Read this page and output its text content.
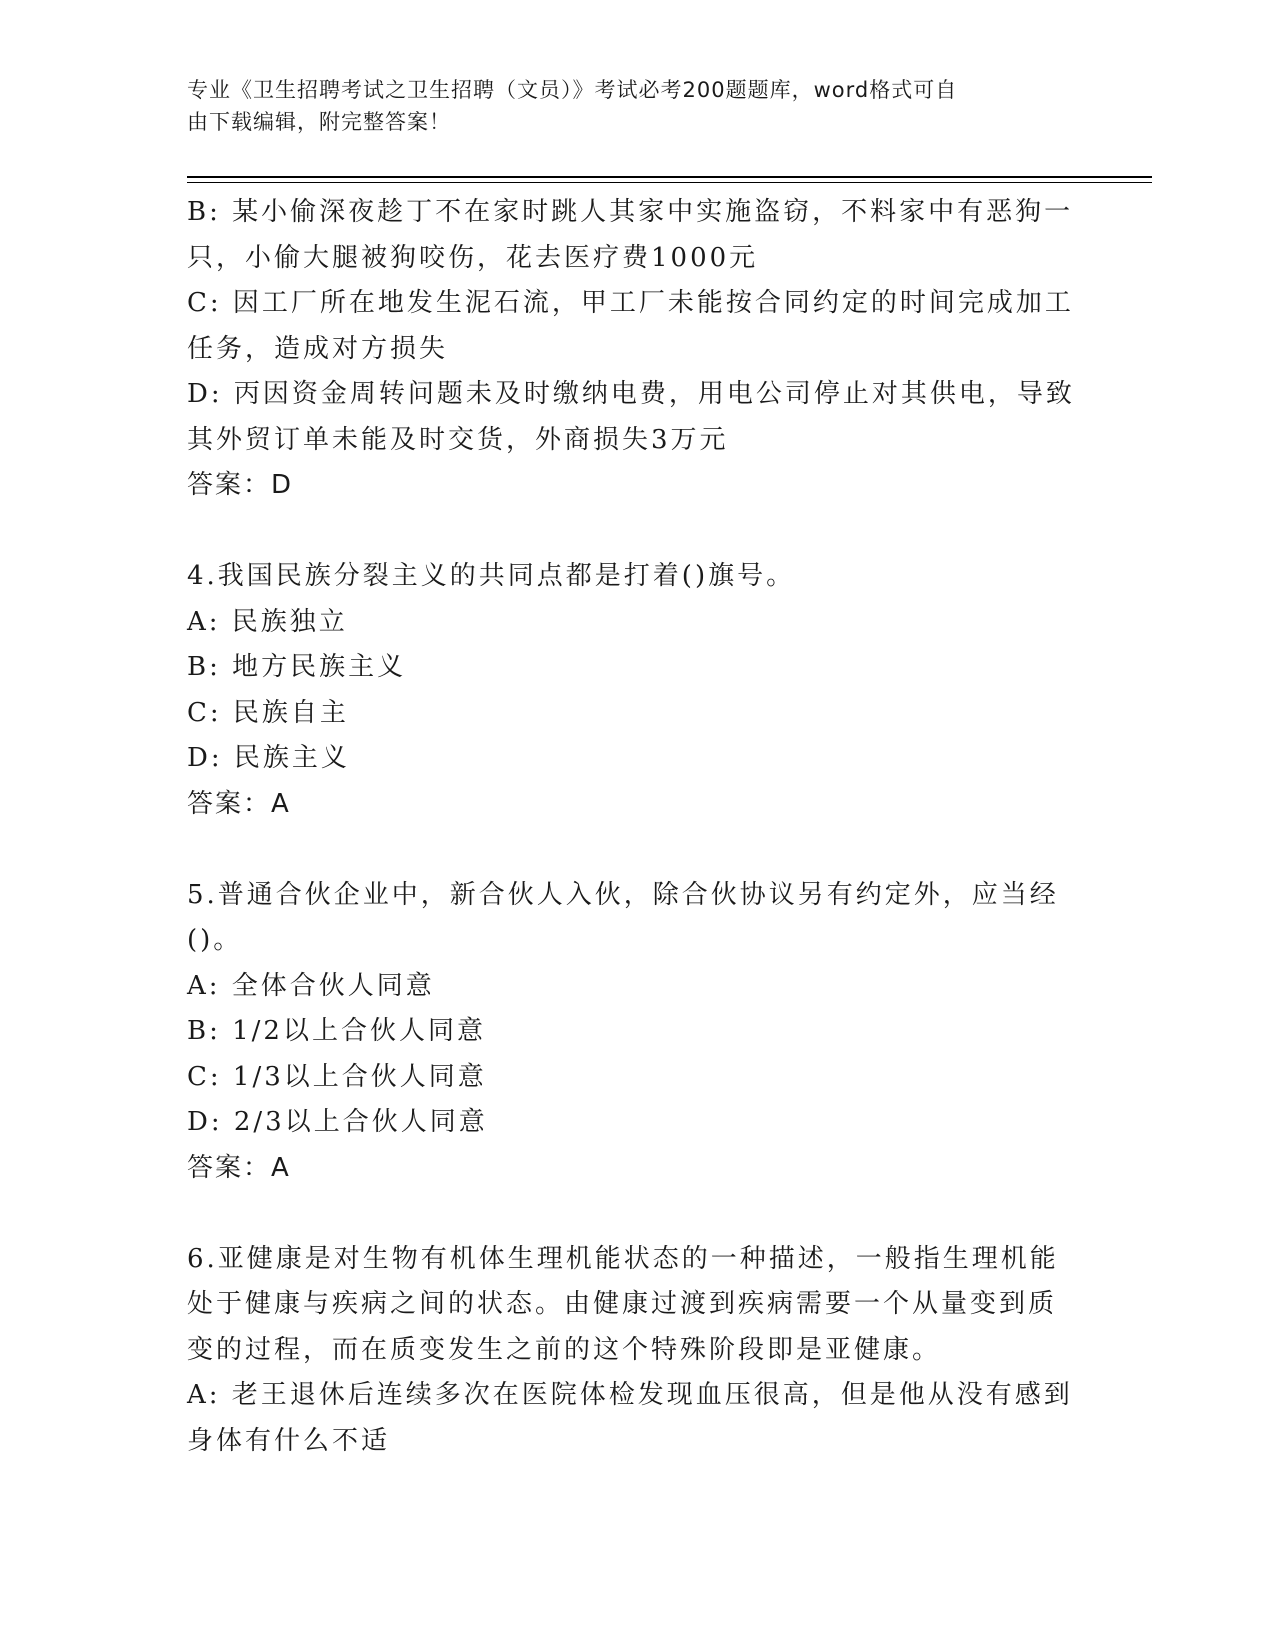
专业《卫生招聘考试之卫生招聘（文员）》考试必考200题题库，word格式可自
由下载编辑，附完整答案！
B: 某小偷深夜趁丁不在家时跳人其家中实施盗窃，不料家中有恶狗一
只，小偷大腿被狗咬伤，花去医疗费1000元
C: 因工厂所在地发生泥石流，甲工厂未能按合同约定的时间完成加工
任务，造成对方损失
D: 丙因资金周转问题未及时缴纳电费，用电公司停止对其供电，导致
其外贸订单未能及时交货，外商损失3万元
答案：D
4.我国民族分裂主义的共同点都是打着()旗号。
A: 民族独立
B: 地方民族主义
C: 民族自主
D: 民族主义
答案：A
5.普通合伙企业中，新合伙人入伙，除合伙协议另有约定外，应当经
()。
A: 全体合伙人同意
B: 1/2以上合伙人同意
C: 1/3以上合伙人同意
D: 2/3以上合伙人同意
答案：A
6.亚健康是对生物有机体生理机能状态的一种描述，一般指生理机能
处于健康与疾病之间的状态。由健康过渡到疾病需要一个从量变到质
变的过程，而在质变发生之前的这个特殊阶段即是亚健康。
A: 老王退休后连续多次在医院体检发现血压很高，但是他从没有感到
身体有什么不适
